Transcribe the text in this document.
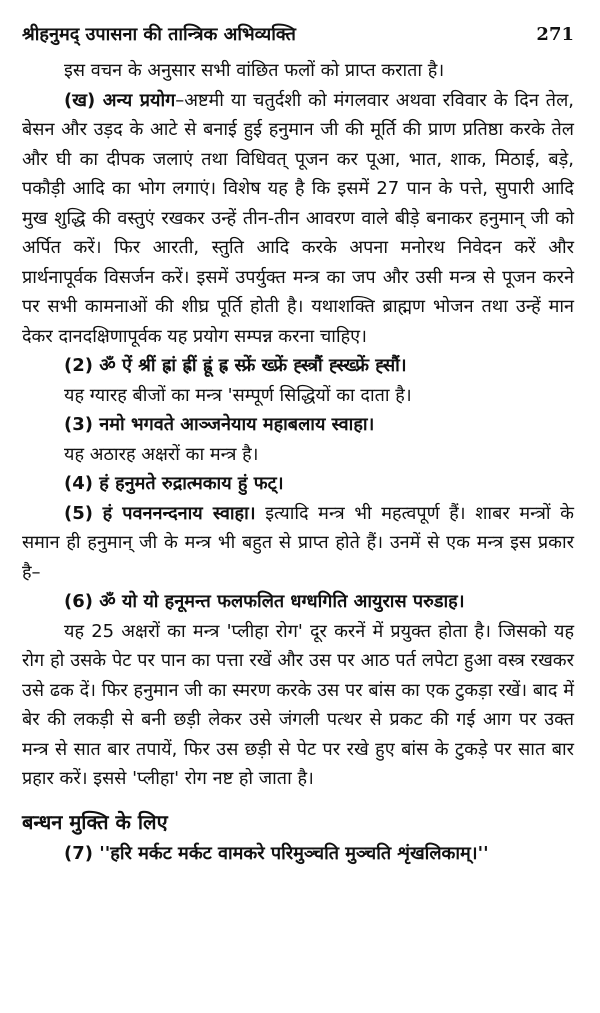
श्रीहनुमद् उपासना की तान्त्रिक अभिव्यक्ति	271

इस वचन के अनुसार सभी वांछित फलों को प्राप्त कराता है।

(ख) अन्य प्रयोग–अष्टमी या चतुर्दशी को मंगलवार अथवा रविवार के दिन तेल, बेसन और उड़द के आटे से बनाई हुई हनुमान जी की मूर्ति की प्राण प्रतिष्ठा करके तेल और घी का दीपक जलाएं तथा विधिवत् पूजन कर पूआ, भात, शाक, मिठाई, बड़े, पकौड़ी आदि का भोग लगाएं। विशेष यह है कि इसमें 27 पान के पत्ते, सुपारी आदि मुख शुद्धि की वस्तुएं रखकर उन्हें तीन-तीन आवरण वाले बीड़े बनाकर हनुमान् जी को अर्पित करें। फिर आरती, स्तुति आदि करके अपना मनोरथ निवेदन करें और प्रार्थनापूर्वक विसर्जन करें। इसमें उपर्युक्त मन्त्र का जप और उसी मन्त्र से पूजन करने पर सभी कामनाओं की शीघ्र पूर्ति होती है। यथाशक्ति ब्राह्मण भोजन तथा उन्हें मान देकर दानदक्षिणापूर्वक यह प्रयोग सम्पन्न करना चाहिए।

(2) ॐ ऐं श्रीं ह्रां ह्रीं ह्रूं ह्र स्फ्रें ख्फ्रें ह्स्त्रौं ह्स्ख्फ्रें ह्सौं।

यह ग्यारह बीजों का मन्त्र 'सम्पूर्ण सिद्धियों का दाता है।

(3) नमो भगवते आञ्जनेयाय महाबलाय स्वाहा।

यह अठारह अक्षरों का मन्त्र है।

(4) हं हनुमते रुद्रात्मकाय हुं फट्।

(5) हं पवननन्दनाय स्वाहा। इत्यादि मन्त्र भी महत्वपूर्ण हैं। शाबर मन्त्रों के समान ही हनुमान् जी के मन्त्र भी बहुत से प्राप्त होते हैं। उनमें से एक मन्त्र इस प्रकार है–

(6) ॐ यो यो हनूमन्त फलफलित धग्धगिति आयुरास परुडाह।

यह 25 अक्षरों का मन्त्र 'प्लीहा रोग' दूर करनें में प्रयुक्त होता है। जिसको यह रोग हो उसके पेट पर पान का पत्ता रखें और उस पर आठ पर्त लपेटा हुआ वस्त्र रखकर उसे ढक दें। फिर हनुमान जी का स्मरण करके उस पर बांस का एक टुकड़ा रखें। बाद में बेर की लकड़ी से बनी छड़ी लेकर उसे जंगली पत्थर से प्रकट की गई आग पर उक्त मन्त्र से सात बार तपायें, फिर उस छड़ी से पेट पर रखे हुए बांस के टुकड़े पर सात बार प्रहार करें। इससे 'प्लीहा' रोग नष्ट हो जाता है।

बन्धन मुक्ति के लिए

(7) ''हरि मर्कट मर्कट वामकरे परिमुञ्चति मुञ्चति शृंखलिकाम्।''
